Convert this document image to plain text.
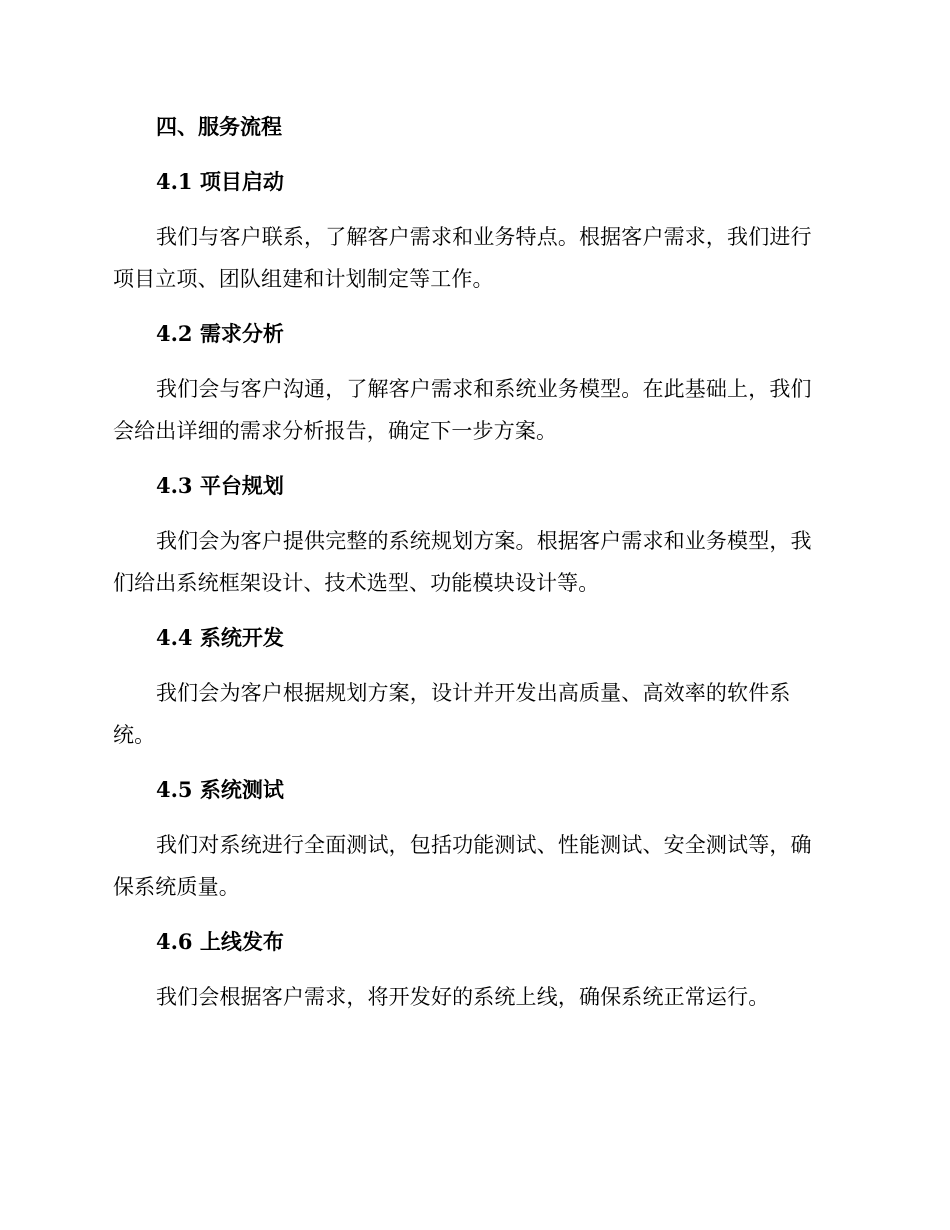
四、服务流程
4.1 项目启动
我们与客户联系，了解客户需求和业务特点。根据客户需求，我们进行
项目立项、团队组建和计划制定等工作。
4.2 需求分析
我们会与客户沟通，了解客户需求和系统业务模型。在此基础上，我们
会给出详细的需求分析报告，确定下一步方案。
4.3 平台规划
我们会为客户提供完整的系统规划方案。根据客户需求和业务模型，我
们给出系统框架设计、技术选型、功能模块设计等。
4.4 系统开发
我们会为客户根据规划方案，设计并开发出高质量、高效率的软件系
统。
4.5 系统测试
我们对系统进行全面测试，包括功能测试、性能测试、安全测试等，确
保系统质量。
4.6 上线发布
我们会根据客户需求，将开发好的系统上线，确保系统正常运行。
